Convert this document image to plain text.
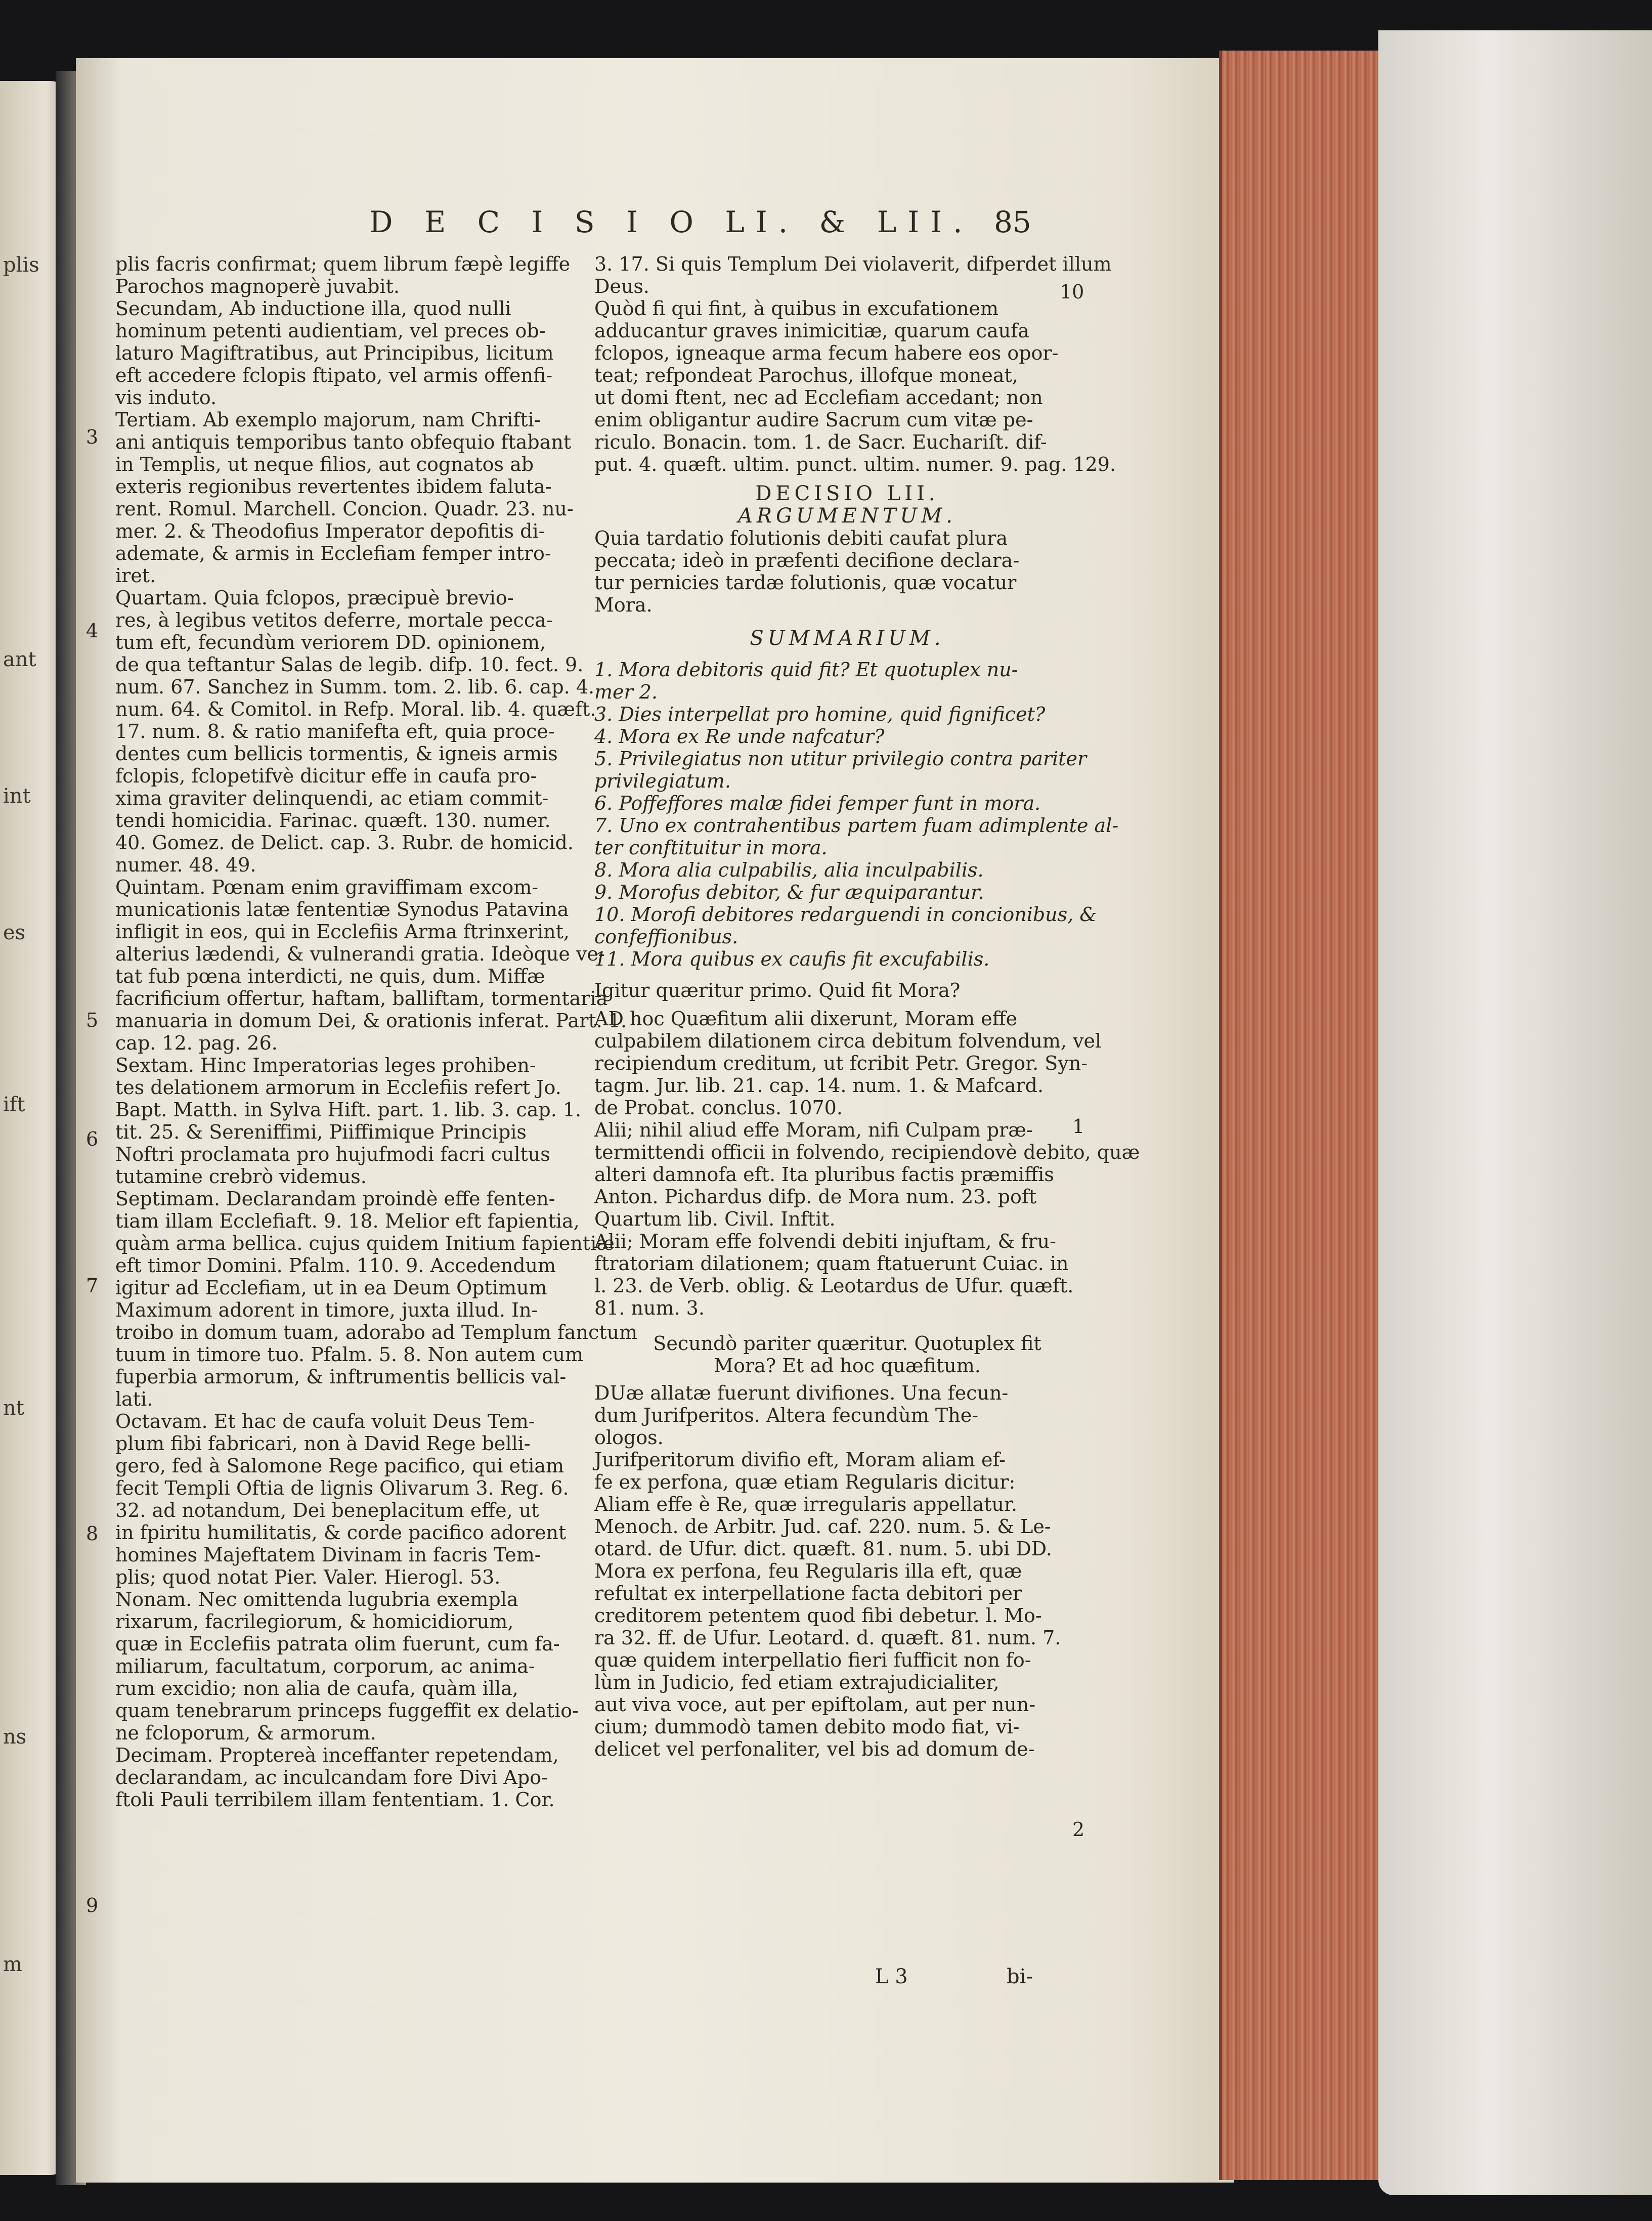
plis
ant
int
es
ift
nt
ns
m
D E C I S I O LI. & LII. 85

plis facris confirmat; quem librum fæpè legiffe

Parochos magnoperè juvabit.

Secundam, Ab inductione illa, quod nulli

hominum petenti audientiam, vel preces ob-

laturo Magiftratibus, aut Principibus, licitum

eft accedere fclopis ftipato, vel armis offenfi-

vis induto.

Tertiam. Ab exemplo majorum, nam Chrifti-

ani antiquis temporibus tanto obfequio ftabant

in Templis, ut neque filios, aut cognatos ab

exteris regionibus revertentes ibidem faluta-

rent. Romul. Marchell. Concion. Quadr. 23. nu-

mer. 2. & Theodofius Imperator depofitis di-

ademate, & armis in Ecclefiam femper intro-

iret.

Quartam. Quia fclopos, præcipuè brevio-

res, à legibus vetitos deferre, mortale pecca-

tum eft, fecundùm veriorem DD. opinionem,

de qua teftantur Salas de legib. difp. 10. fect. 9.

num. 67. Sanchez in Summ. tom. 2. lib. 6. cap. 4.

num. 64. & Comitol. in Refp. Moral. lib. 4. quæft.

17. num. 8. & ratio manifefta eft, quia proce-

dentes cum bellicis tormentis, & igneis armis

fclopis, fclopetifvè dicitur effe in caufa pro-

xima graviter delinquendi, ac etiam commit-

tendi homicidia. Farinac. quæft. 130. numer.

40. Gomez. de Delict. cap. 3. Rubr. de homicid.

numer. 48. 49.

Quintam. Pœnam enim graviffimam excom-

municationis latæ fententiæ Synodus Patavina

infligit in eos, qui in Ecclefiis Arma ftrinxerint,

alterius lædendi, & vulnerandi gratia. Ideòque ve-

tat fub pœna interdicti, ne quis, dum. Miffæ

facrificium offertur, haftam, balliftam, tormentaria

manuaria in domum Dei, & orationis inferat. Part. 1.

cap. 12. pag. 26.

Sextam. Hinc Imperatorias leges prohiben-

tes delationem armorum in Ecclefiis refert Jo.

Bapt. Matth. in Sylva Hift. part. 1. lib. 3. cap. 1.

tit. 25. & Sereniffimi, Piiffimique Principis

Noftri proclamata pro hujufmodi facri cultus

tutamine crebrò videmus.

Septimam. Declarandam proindè effe fenten-

tiam illam Ecclefiaft. 9. 18. Melior eft fapientia,

quàm arma bellica. cujus quidem Initium fapientiæ

eft timor Domini. Pfalm. 110. 9. Accedendum

igitur ad Ecclefiam, ut in ea Deum Optimum

Maximum adorent in timore, juxta illud. In-

troibo in domum tuam, adorabo ad Templum fanctum

tuum in timore tuo. Pfalm. 5. 8. Non autem cum

fuperbia armorum, & inftrumentis bellicis val-

lati.

Octavam. Et hac de caufa voluit Deus Tem-

plum fibi fabricari, non à David Rege belli-

gero, fed à Salomone Rege pacifico, qui etiam

fecit Templi Oftia de lignis Olivarum 3. Reg. 6.

32. ad notandum, Dei beneplacitum effe, ut

in fpiritu humilitatis, & corde pacifico adorent

homines Majeftatem Divinam in facris Tem-

plis; quod notat Pier. Valer. Hierogl. 53.

Nonam. Nec omittenda lugubria exempla

rixarum, facrilegiorum, & homicidiorum,

quæ in Ecclefiis patrata olim fuerunt, cum fa-

miliarum, facultatum, corporum, ac anima-

rum excidio; non alia de caufa, quàm illa,

quam tenebrarum princeps fuggeffit ex delatio-

ne fcloporum, & armorum.

Decimam. Proptereà inceffanter repetendam,

declarandam, ac inculcandam fore Divi Apo-

ftoli Pauli terribilem illam fententiam. 1. Cor.

3
4
5
6
7
8
9

3. 17. Si quis Templum Dei violaverit, difperdet illum

Deus.

Quòd fi qui fint, à quibus in excufationem

adducantur graves inimicitiæ, quarum caufa

fclopos, igneaque arma fecum habere eos opor-

teat; refpondeat Parochus, illofque moneat,

ut domi ftent, nec ad Ecclefiam accedant; non

enim obligantur audire Sacrum cum vitæ pe-

riculo. Bonacin. tom. 1. de Sacr. Euchariſt. dif-

put. 4. quæft. ultim. punct. ultim. numer. 9. pag. 129.

DECISIO LII.

ARGUMENTUM.

Quia tardatio folutionis debiti caufat plura

peccata; ideò in præfenti decifione declara-

tur pernicies tardæ folutionis, quæ vocatur

Mora.

SUMMARIUM.

1. Mora debitoris quid fit? Et quotuplex nu-

mer 2.

3. Dies interpellat pro homine, quid fignificet?

4. Mora ex Re unde nafcatur?

5. Privilegiatus non utitur privilegio contra pariter

privilegiatum.

6. Poffeffores malæ fidei femper funt in mora.

7. Uno ex contrahentibus partem fuam adimplente al-

ter conftituitur in mora.

8. Mora alia culpabilis, alia inculpabilis.

9. Morofus debitor, & fur æquiparantur.

10. Morofi debitores redarguendi in concionibus, &

confeffionibus.

11. Mora quibus ex caufis fit excufabilis.

Igitur quæritur primo. Quid fit Mora?

AD hoc Quæfitum alii dixerunt, Moram effe

culpabilem dilationem circa debitum folvendum, vel

recipiendum creditum, ut fcribit Petr. Gregor. Syn-

tagm. Jur. lib. 21. cap. 14. num. 1. & Mafcard.

de Probat. conclus. 1070.

Alii; nihil aliud effe Moram, nifi Culpam præ-

termittendi officii in folvendo, recipiendovè debito, quæ

alteri damnofa eft. Ita pluribus factis præmiffis

Anton. Pichardus difp. de Mora num. 23. poft

Quartum lib. Civil. Inftit.

Alii; Moram effe folvendi debiti injuftam, & fru-

ftratoriam dilationem; quam ftatuerunt Cuiac. in

l. 23. de Verb. oblig. & Leotardus de Ufur. quæft.

81. num. 3.

Secundò pariter quæritur. Quotuplex fit

Mora? Et ad hoc quæfitum.

DUæ allatæ fuerunt divifiones. Una fecun-

dum Jurifperitos. Altera fecundùm The-

ologos.

Jurifperitorum divifio eft, Moram aliam ef-

fe ex perfona, quæ etiam Regularis dicitur:

Aliam effe è Re, quæ irregularis appellatur.

Menoch. de Arbitr. Jud. caf. 220. num. 5. & Le-

otard. de Ufur. dict. quæft. 81. num. 5. ubi DD.

Mora ex perfona, feu Regularis illa eft, quæ

refultat ex interpellatione facta debitori per

creditorem petentem quod fibi debetur. l. Mo-

ra 32. ff. de Ufur. Leotard. d. quæft. 81. num. 7.

quæ quidem interpellatio fieri fufficit non fo-

lùm in Judicio, fed etiam extrajudicialiter,

aut viva voce, aut per epiftolam, aut per nun-

cium; dummodò tamen debito modo fiat, vi-

delicet vel perfonaliter, vel bis ad domum de-

10
1
2
L 3	bi-
